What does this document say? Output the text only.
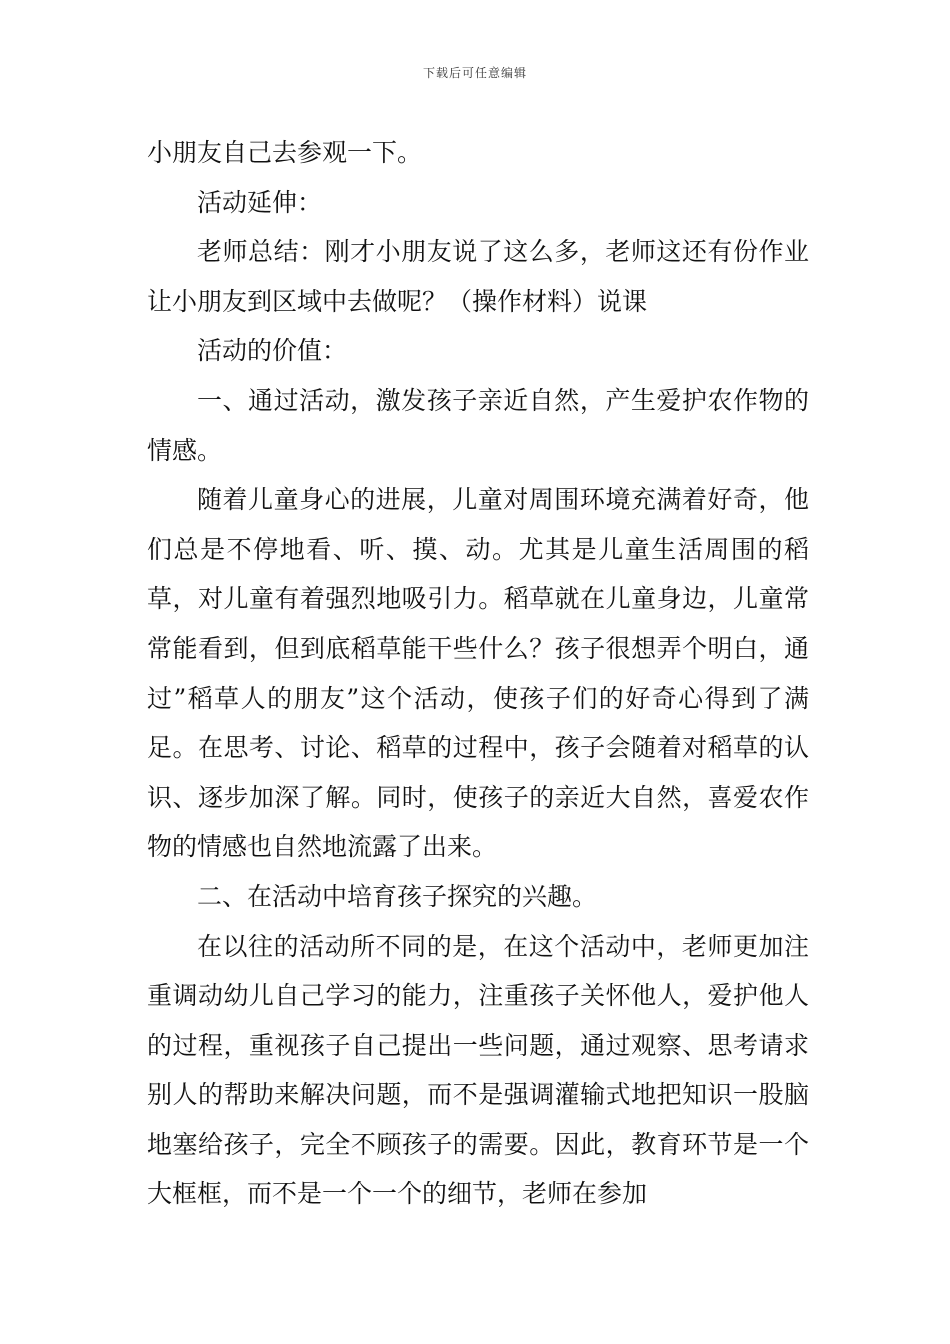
下载后可任意编辑

小朋友自己去参观一下。

活动延伸：

老师总结：刚才小朋友说了这么多，老师这还有份作业让小朋友到区域中去做呢？（操作材料）说课

活动的价值：

一、通过活动，激发孩子亲近自然，产生爱护农作物的情感。

随着儿童身心的进展，儿童对周围环境充满着好奇，他们总是不停地看、听、摸、动。尤其是儿童生活周围的稻草，对儿童有着强烈地吸引力。稻草就在儿童身边，儿童常常能看到，但到底稻草能干些什么？孩子很想弄个明白，通过”稻草人的朋友”这个活动，使孩子们的好奇心得到了满足。在思考、讨论、稻草的过程中，孩子会随着对稻草的认识、逐步加深了解。同时，使孩子的亲近大自然，喜爱农作物的情感也自然地流露了出来。

二、在活动中培育孩子探究的兴趣。

在以往的活动所不同的是，在这个活动中，老师更加注重调动幼儿自己学习的能力，注重孩子关怀他人，爱护他人的过程，重视孩子自己提出一些问题，通过观察、思考请求别人的帮助来解决问题，而不是强调灌输式地把知识一股脑地塞给孩子，完全不顾孩子的需要。因此，教育环节是一个大框框，而不是一个一个的细节，老师在参加
